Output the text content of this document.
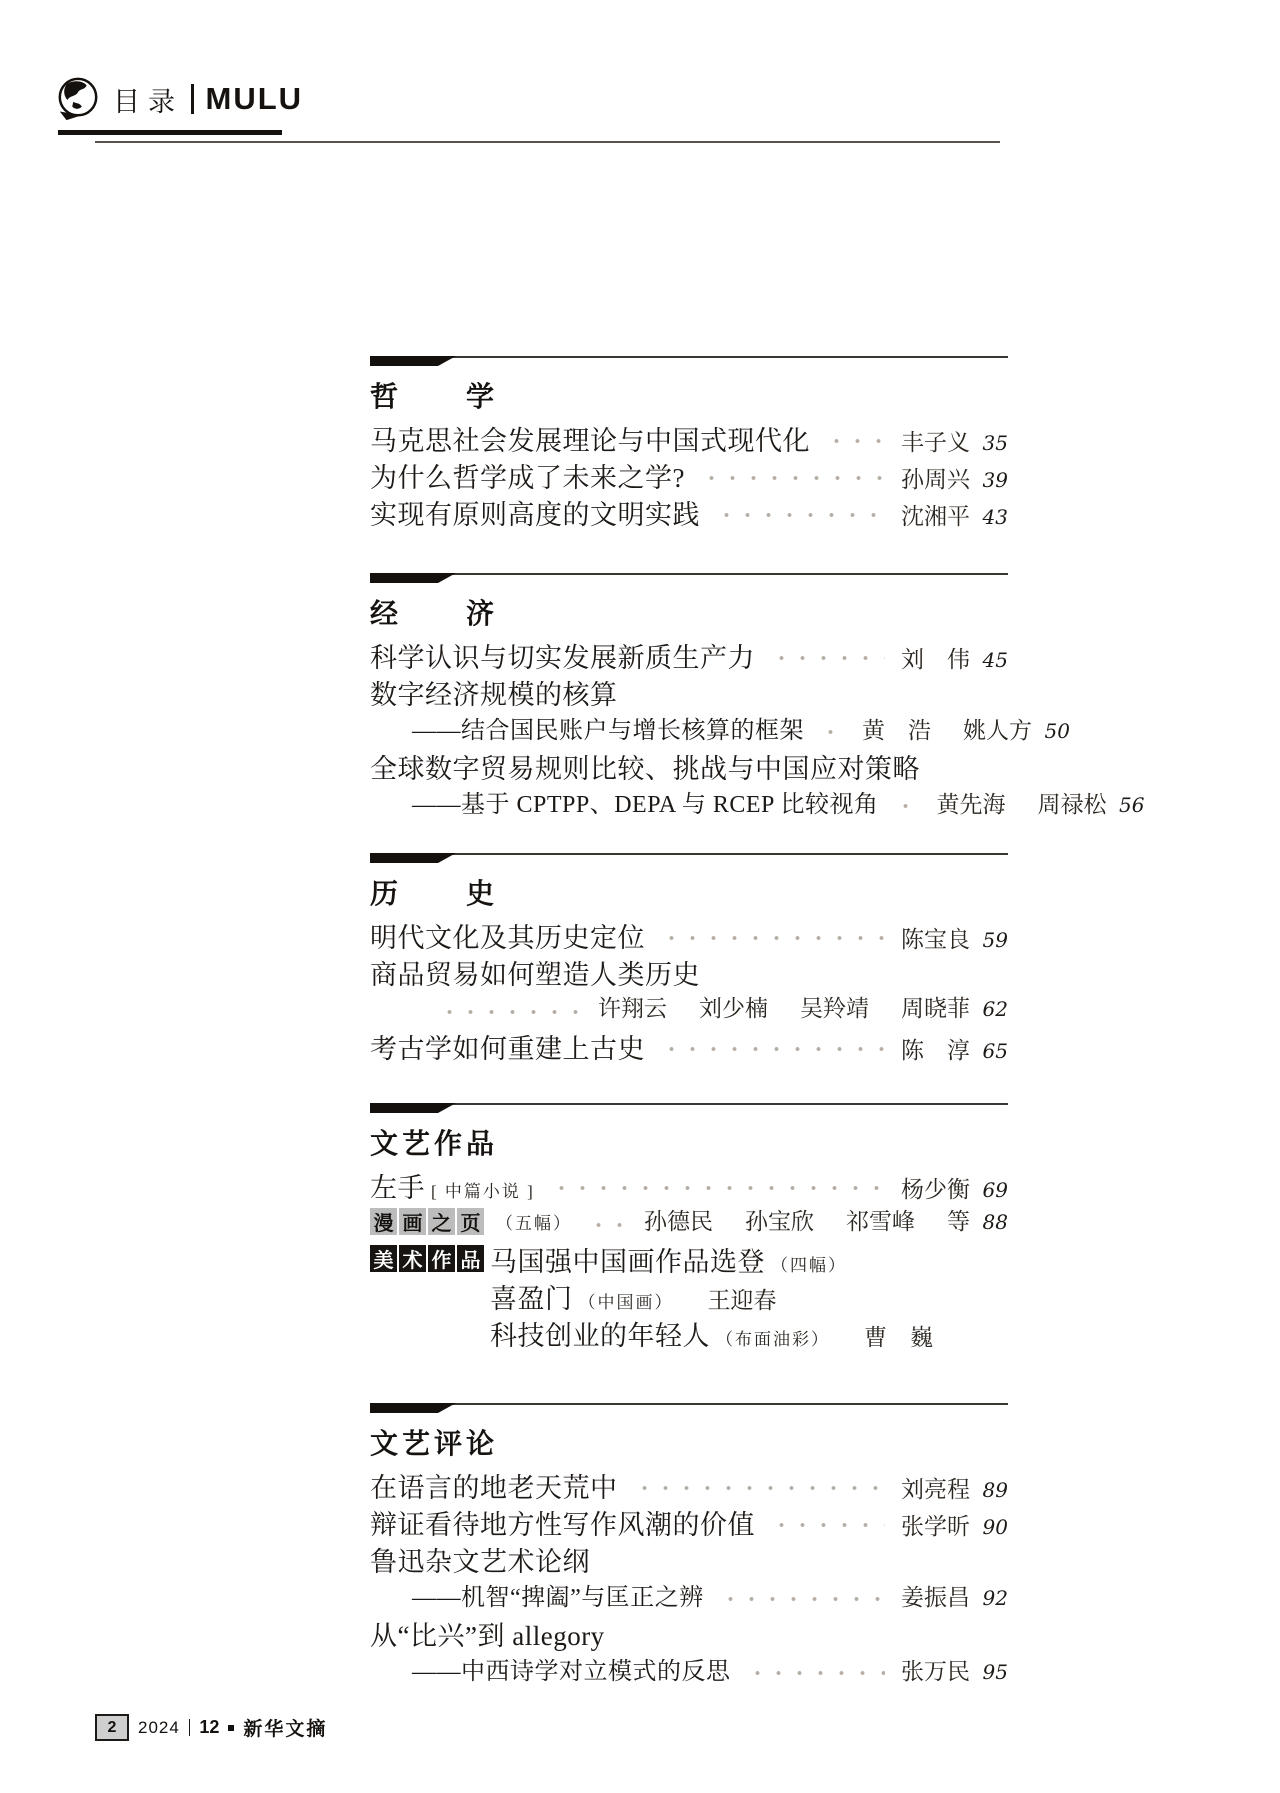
目录 MULU
哲　　学
马克思社会发展理论与中国式现代化	丰子义 35
为什么哲学成了未来之学?	孙周兴 39
实现有原则高度的文明实践	沈湘平 43
经　　济
科学认识与切实发展新质生产力	刘　伟 45
数字经济规模的核算
——结合国民账户与增长核算的框架	黄　浩 姚人方 50
全球数字贸易规则比较、挑战与中国应对策略
——基于 CPTPP、DEPA 与 RCEP 比较视角	黄先海 周禄松 56
历　　史
明代文化及其历史定位	陈宝良 59
商品贸易如何塑造人类历史
许翔云 刘少楠 吴羚靖 周晓菲 62
考古学如何重建上古史	陈　淳 65
文艺作品
左手 [ 中篇小说 ]	杨少衡 69
漫 画 之 页 （五幅）	孙德民 孙宝欣 祁雪峰 等 88
美 术 作 品 马国强中国画作品选登 （四幅）
喜盈门 （中国画） 王迎春
科技创业的年轻人 （布面油彩） 曹　巍
文艺评论
在语言的地老天荒中	刘亮程 89
辩证看待地方性写作风潮的价值	张学昕 90
鲁迅杂文艺术论纲
——机智“捭阖”与匡正之辨	姜振昌 92
从“比兴”到 allegory
——中西诗学对立模式的反思	张万民 95
2	2024 12 新华文摘
